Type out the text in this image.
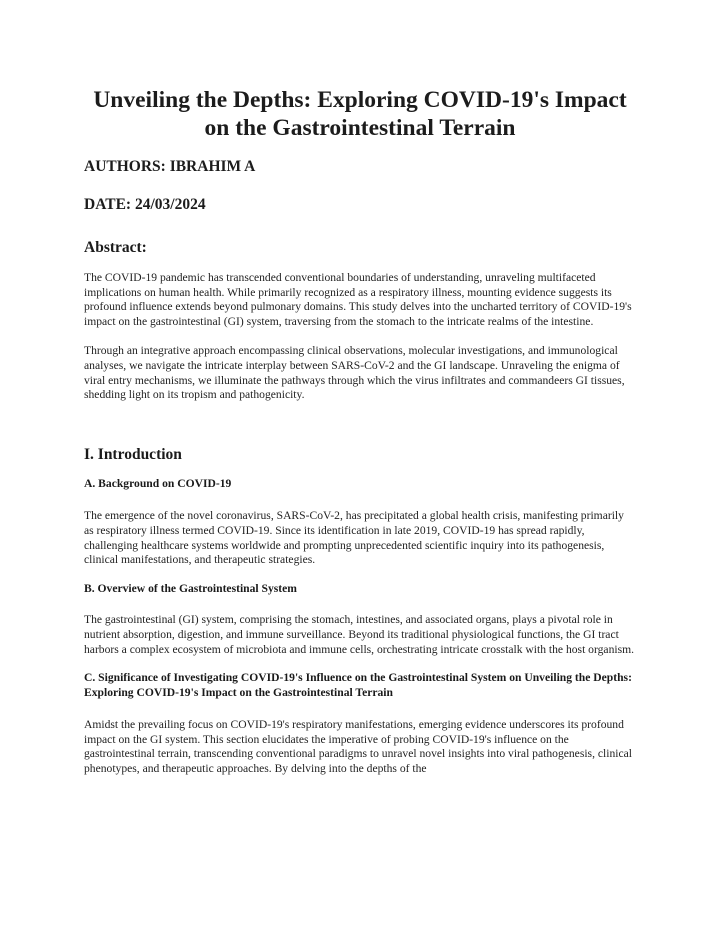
Unveiling the Depths: Exploring COVID-19's Impact on the Gastrointestinal Terrain

AUTHORS: IBRAHIM A

DATE: 24/03/2024

Abstract:

The COVID-19 pandemic has transcended conventional boundaries of understanding, unraveling multifaceted implications on human health. While primarily recognized as a respiratory illness, mounting evidence suggests its profound influence extends beyond pulmonary domains. This study delves into the uncharted territory of COVID-19's impact on the gastrointestinal (GI) system, traversing from the stomach to the intricate realms of the intestine.

Through an integrative approach encompassing clinical observations, molecular investigations, and immunological analyses, we navigate the intricate interplay between SARS-CoV-2 and the GI landscape. Unraveling the enigma of viral entry mechanisms, we illuminate the pathways through which the virus infiltrates and commandeers GI tissues, shedding light on its tropism and pathogenicity.

I. Introduction
A. Background on COVID-19

The emergence of the novel coronavirus, SARS-CoV-2, has precipitated a global health crisis, manifesting primarily as respiratory illness termed COVID-19. Since its identification in late 2019, COVID-19 has spread rapidly, challenging healthcare systems worldwide and prompting unprecedented scientific inquiry into its pathogenesis, clinical manifestations, and therapeutic strategies.

B. Overview of the Gastrointestinal System

The gastrointestinal (GI) system, comprising the stomach, intestines, and associated organs, plays a pivotal role in nutrient absorption, digestion, and immune surveillance. Beyond its traditional physiological functions, the GI tract harbors a complex ecosystem of microbiota and immune cells, orchestrating intricate crosstalk with the host organism.

C. Significance of Investigating COVID-19's Influence on the Gastrointestinal System on Unveiling the Depths: Exploring COVID-19's Impact on the Gastrointestinal Terrain

Amidst the prevailing focus on COVID-19's respiratory manifestations, emerging evidence underscores its profound impact on the GI system. This section elucidates the imperative of probing COVID-19's influence on the gastrointestinal terrain, transcending conventional paradigms to unravel novel insights into viral pathogenesis, clinical phenotypes, and therapeutic approaches. By delving into the depths of the
